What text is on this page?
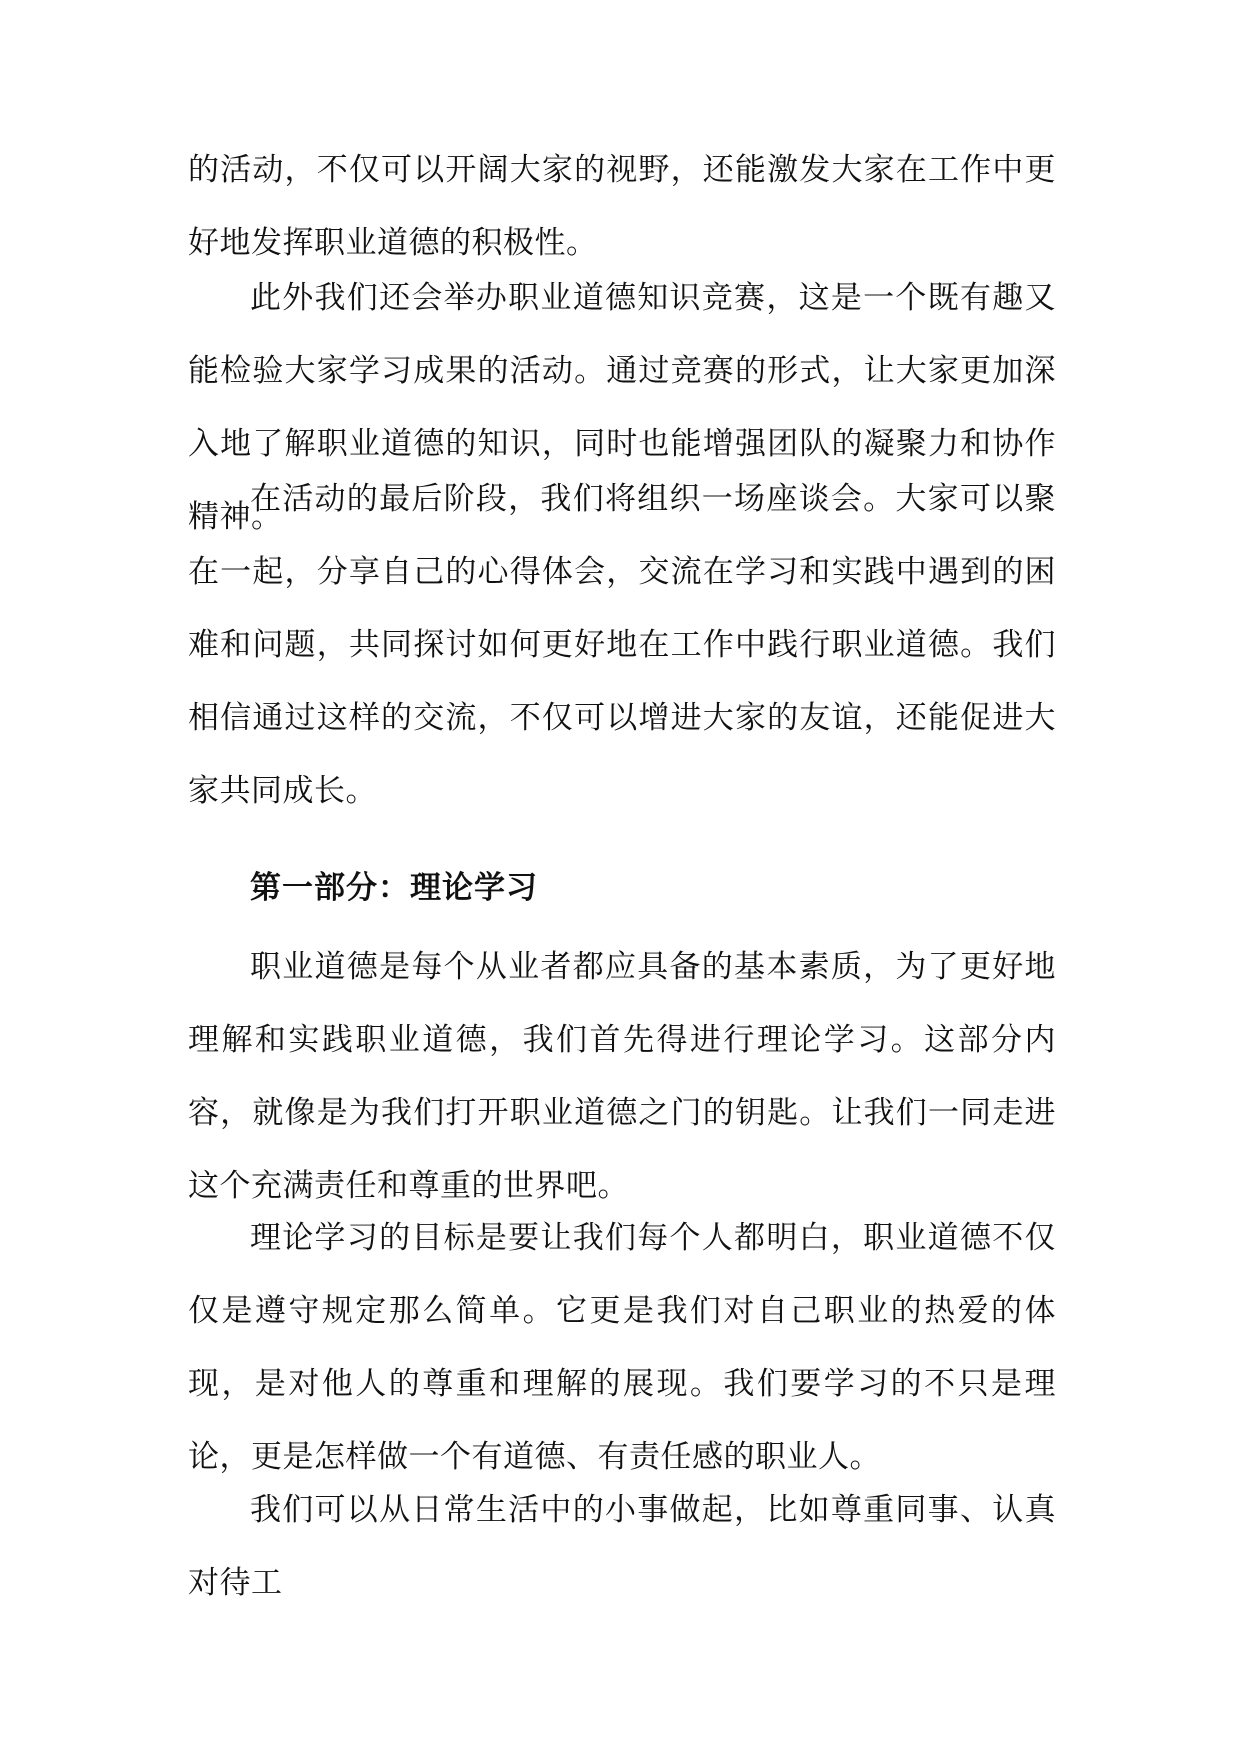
的活动，不仅可以开阔大家的视野，还能激发大家在工作中更好地发挥职业道德的积极性。

此外我们还会举办职业道德知识竞赛，这是一个既有趣又能检验大家学习成果的活动。通过竞赛的形式，让大家更加深入地了解职业道德的知识，同时也能增强团队的凝聚力和协作精神。

在活动的最后阶段，我们将组织一场座谈会。大家可以聚在一起，分享自己的心得体会，交流在学习和实践中遇到的困难和问题，共同探讨如何更好地在工作中践行职业道德。我们相信通过这样的交流，不仅可以增进大家的友谊，还能促进大家共同成长。

第一部分：理论学习

职业道德是每个从业者都应具备的基本素质，为了更好地理解和实践职业道德，我们首先得进行理论学习。这部分内容，就像是为我们打开职业道德之门的钥匙。让我们一同走进这个充满责任和尊重的世界吧。

理论学习的目标是要让我们每个人都明白，职业道德不仅仅是遵守规定那么简单。它更是我们对自己职业的热爱的体现，是对他人的尊重和理解的展现。我们要学习的不只是理论，更是怎样做一个有道德、有责任感的职业人。

我们可以从日常生活中的小事做起，比如尊重同事、认真对待工
